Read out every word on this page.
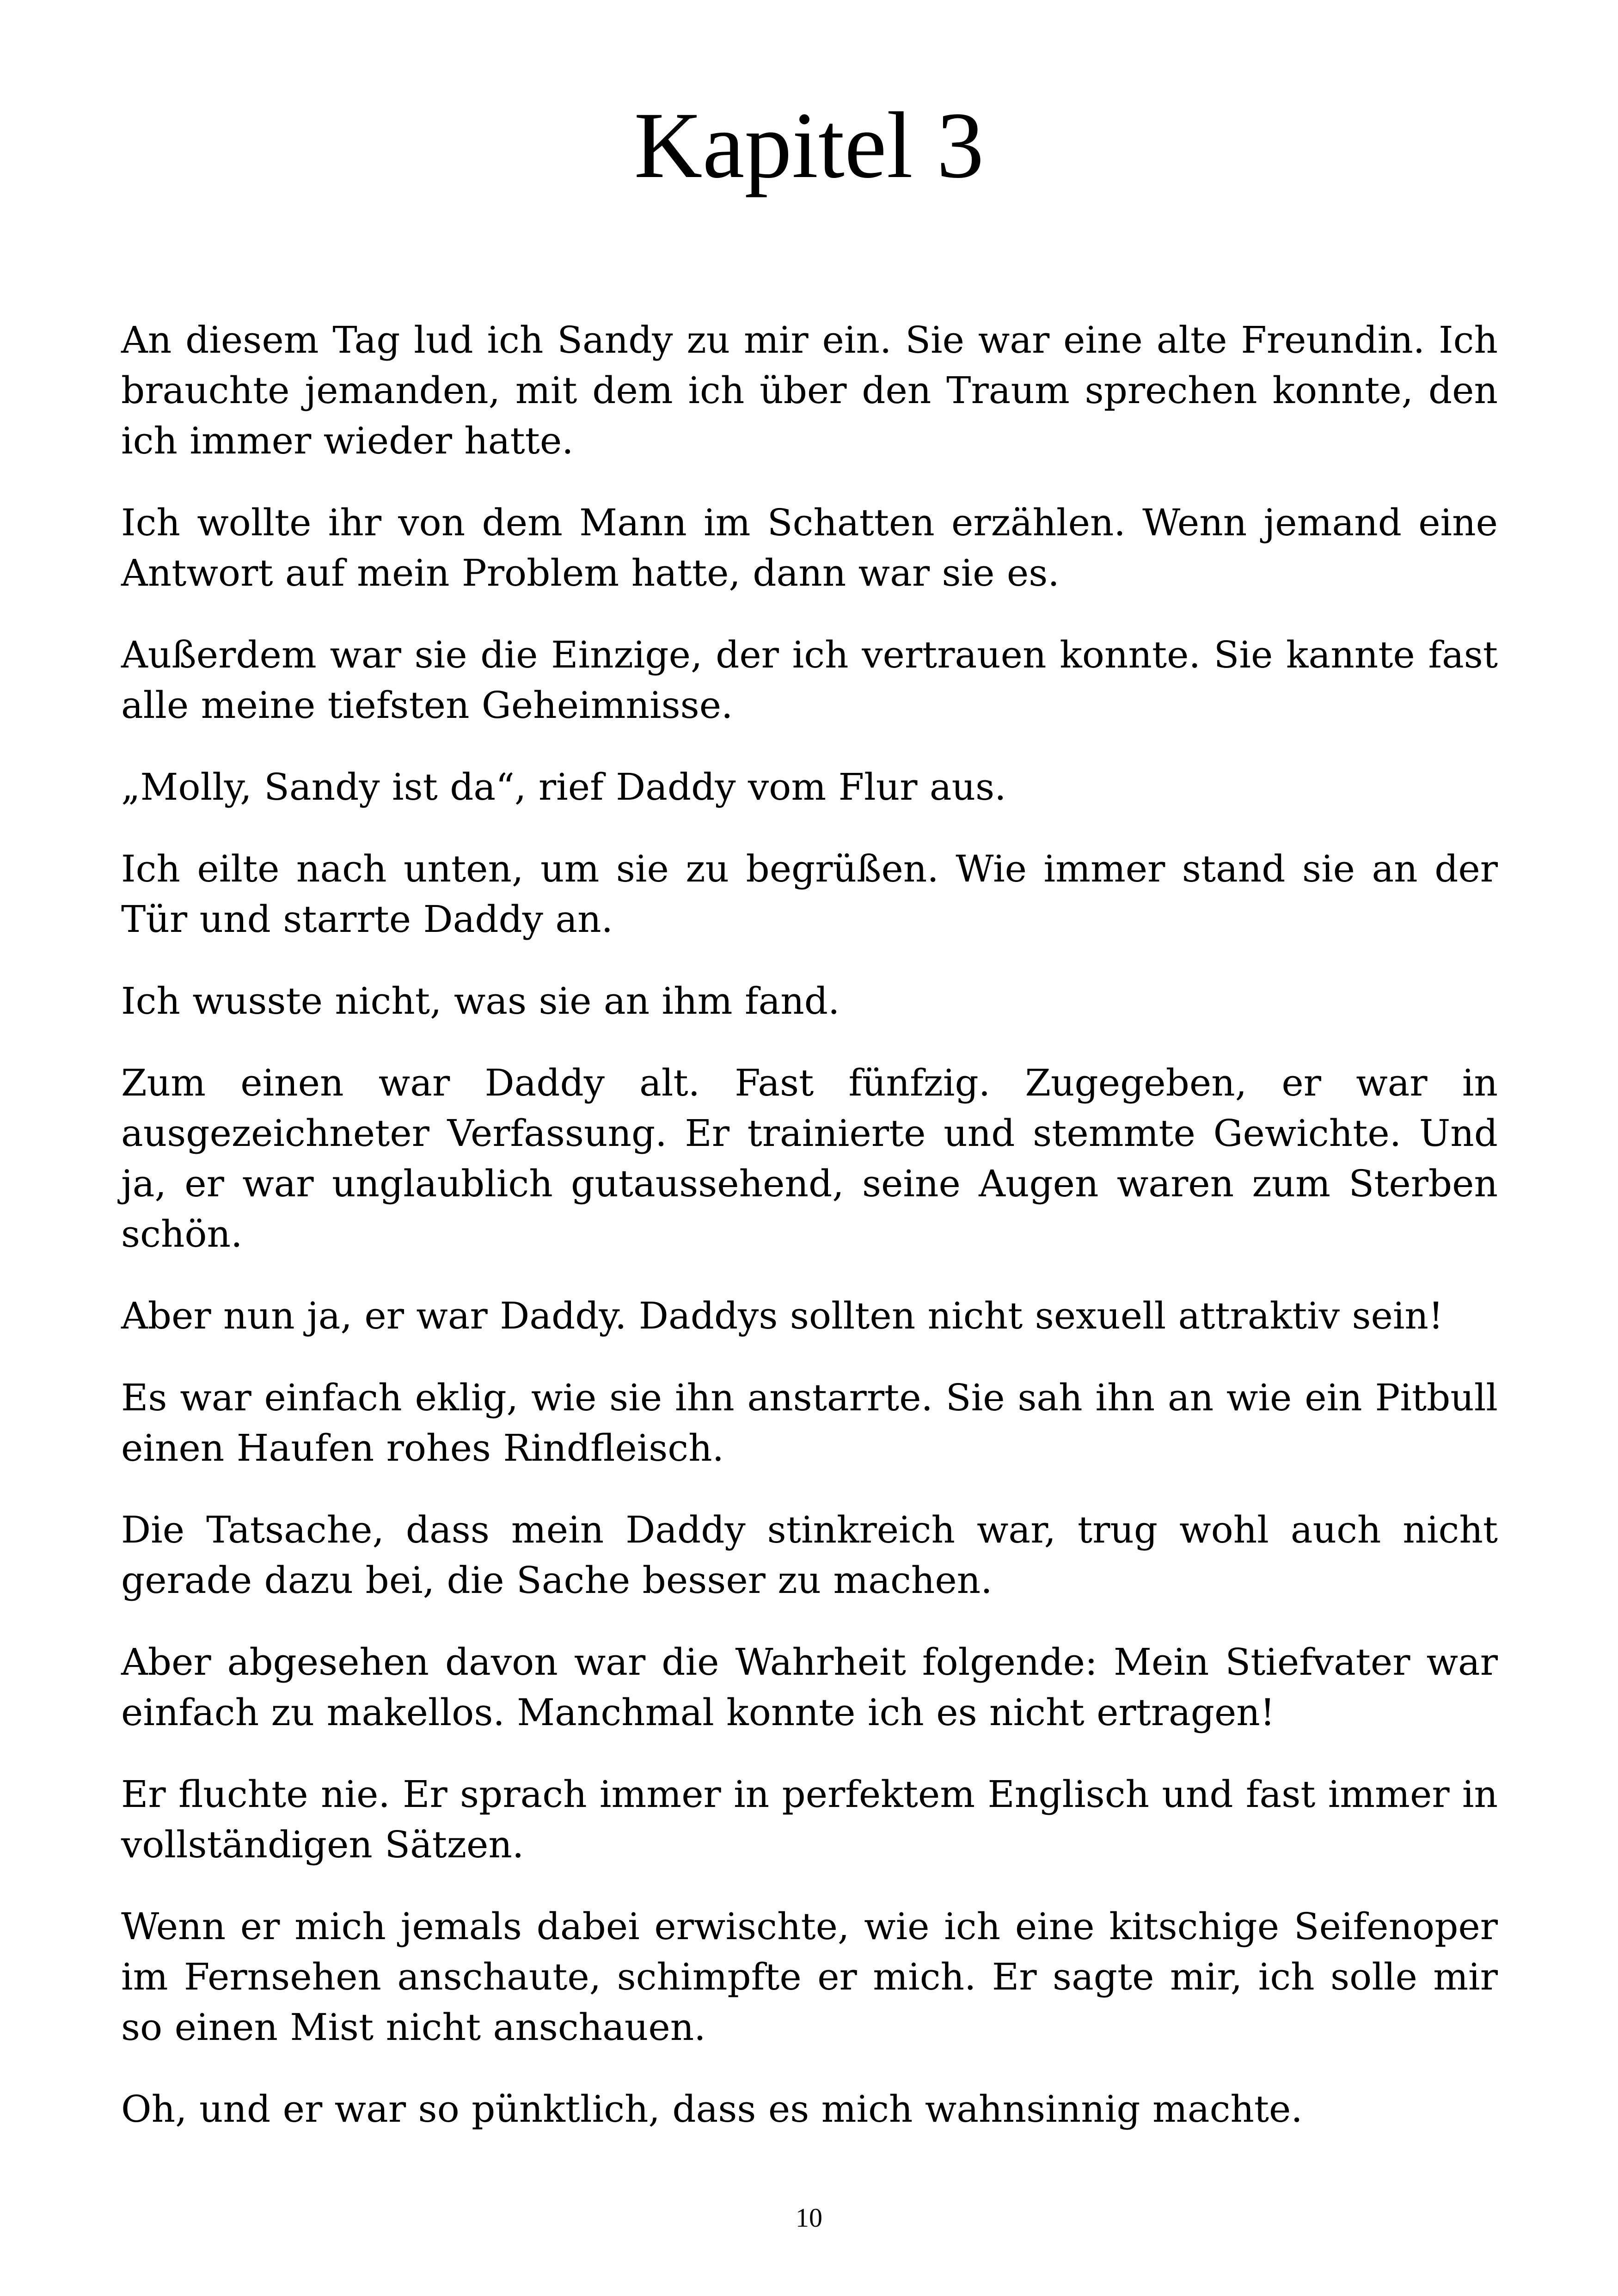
Kapitel 3

An diesem Tag lud ich Sandy zu mir ein. Sie war eine alte Freundin. Ich brauchte jemanden, mit dem ich über den Traum sprechen konnte, den ich immer wieder hatte.

Ich wollte ihr von dem Mann im Schatten erzählen. Wenn jemand eine Antwort auf mein Problem hatte, dann war sie es.

Außerdem war sie die Einzige, der ich vertrauen konnte. Sie kannte fast alle meine tiefsten Geheimnisse.

„Molly, Sandy ist da“, rief Daddy vom Flur aus.

Ich eilte nach unten, um sie zu begrüßen. Wie immer stand sie an der Tür und starrte Daddy an.

Ich wusste nicht, was sie an ihm fand.

Zum einen war Daddy alt. Fast fünfzig. Zugegeben, er war in ausgezeichneter Verfassung. Er trainierte und stemmte Gewichte. Und ja, er war unglaublich gutaussehend, seine Augen waren zum Sterben schön.

Aber nun ja, er war Daddy. Daddys sollten nicht sexuell attraktiv sein!

Es war einfach eklig, wie sie ihn anstarrte. Sie sah ihn an wie ein Pitbull einen Haufen rohes Rindfleisch.

Die Tatsache, dass mein Daddy stinkreich war, trug wohl auch nicht gerade dazu bei, die Sache besser zu machen.

Aber abgesehen davon war die Wahrheit folgende: Mein Stiefvater war einfach zu makellos. Manchmal konnte ich es nicht ertragen!

Er fluchte nie. Er sprach immer in perfektem Englisch und fast immer in vollständigen Sätzen.

Wenn er mich jemals dabei erwischte, wie ich eine kitschige Seifenoper im Fernsehen anschaute, schimpfte er mich. Er sagte mir, ich solle mir so einen Mist nicht anschauen.

Oh, und er war so pünktlich, dass es mich wahnsinnig machte.

10
